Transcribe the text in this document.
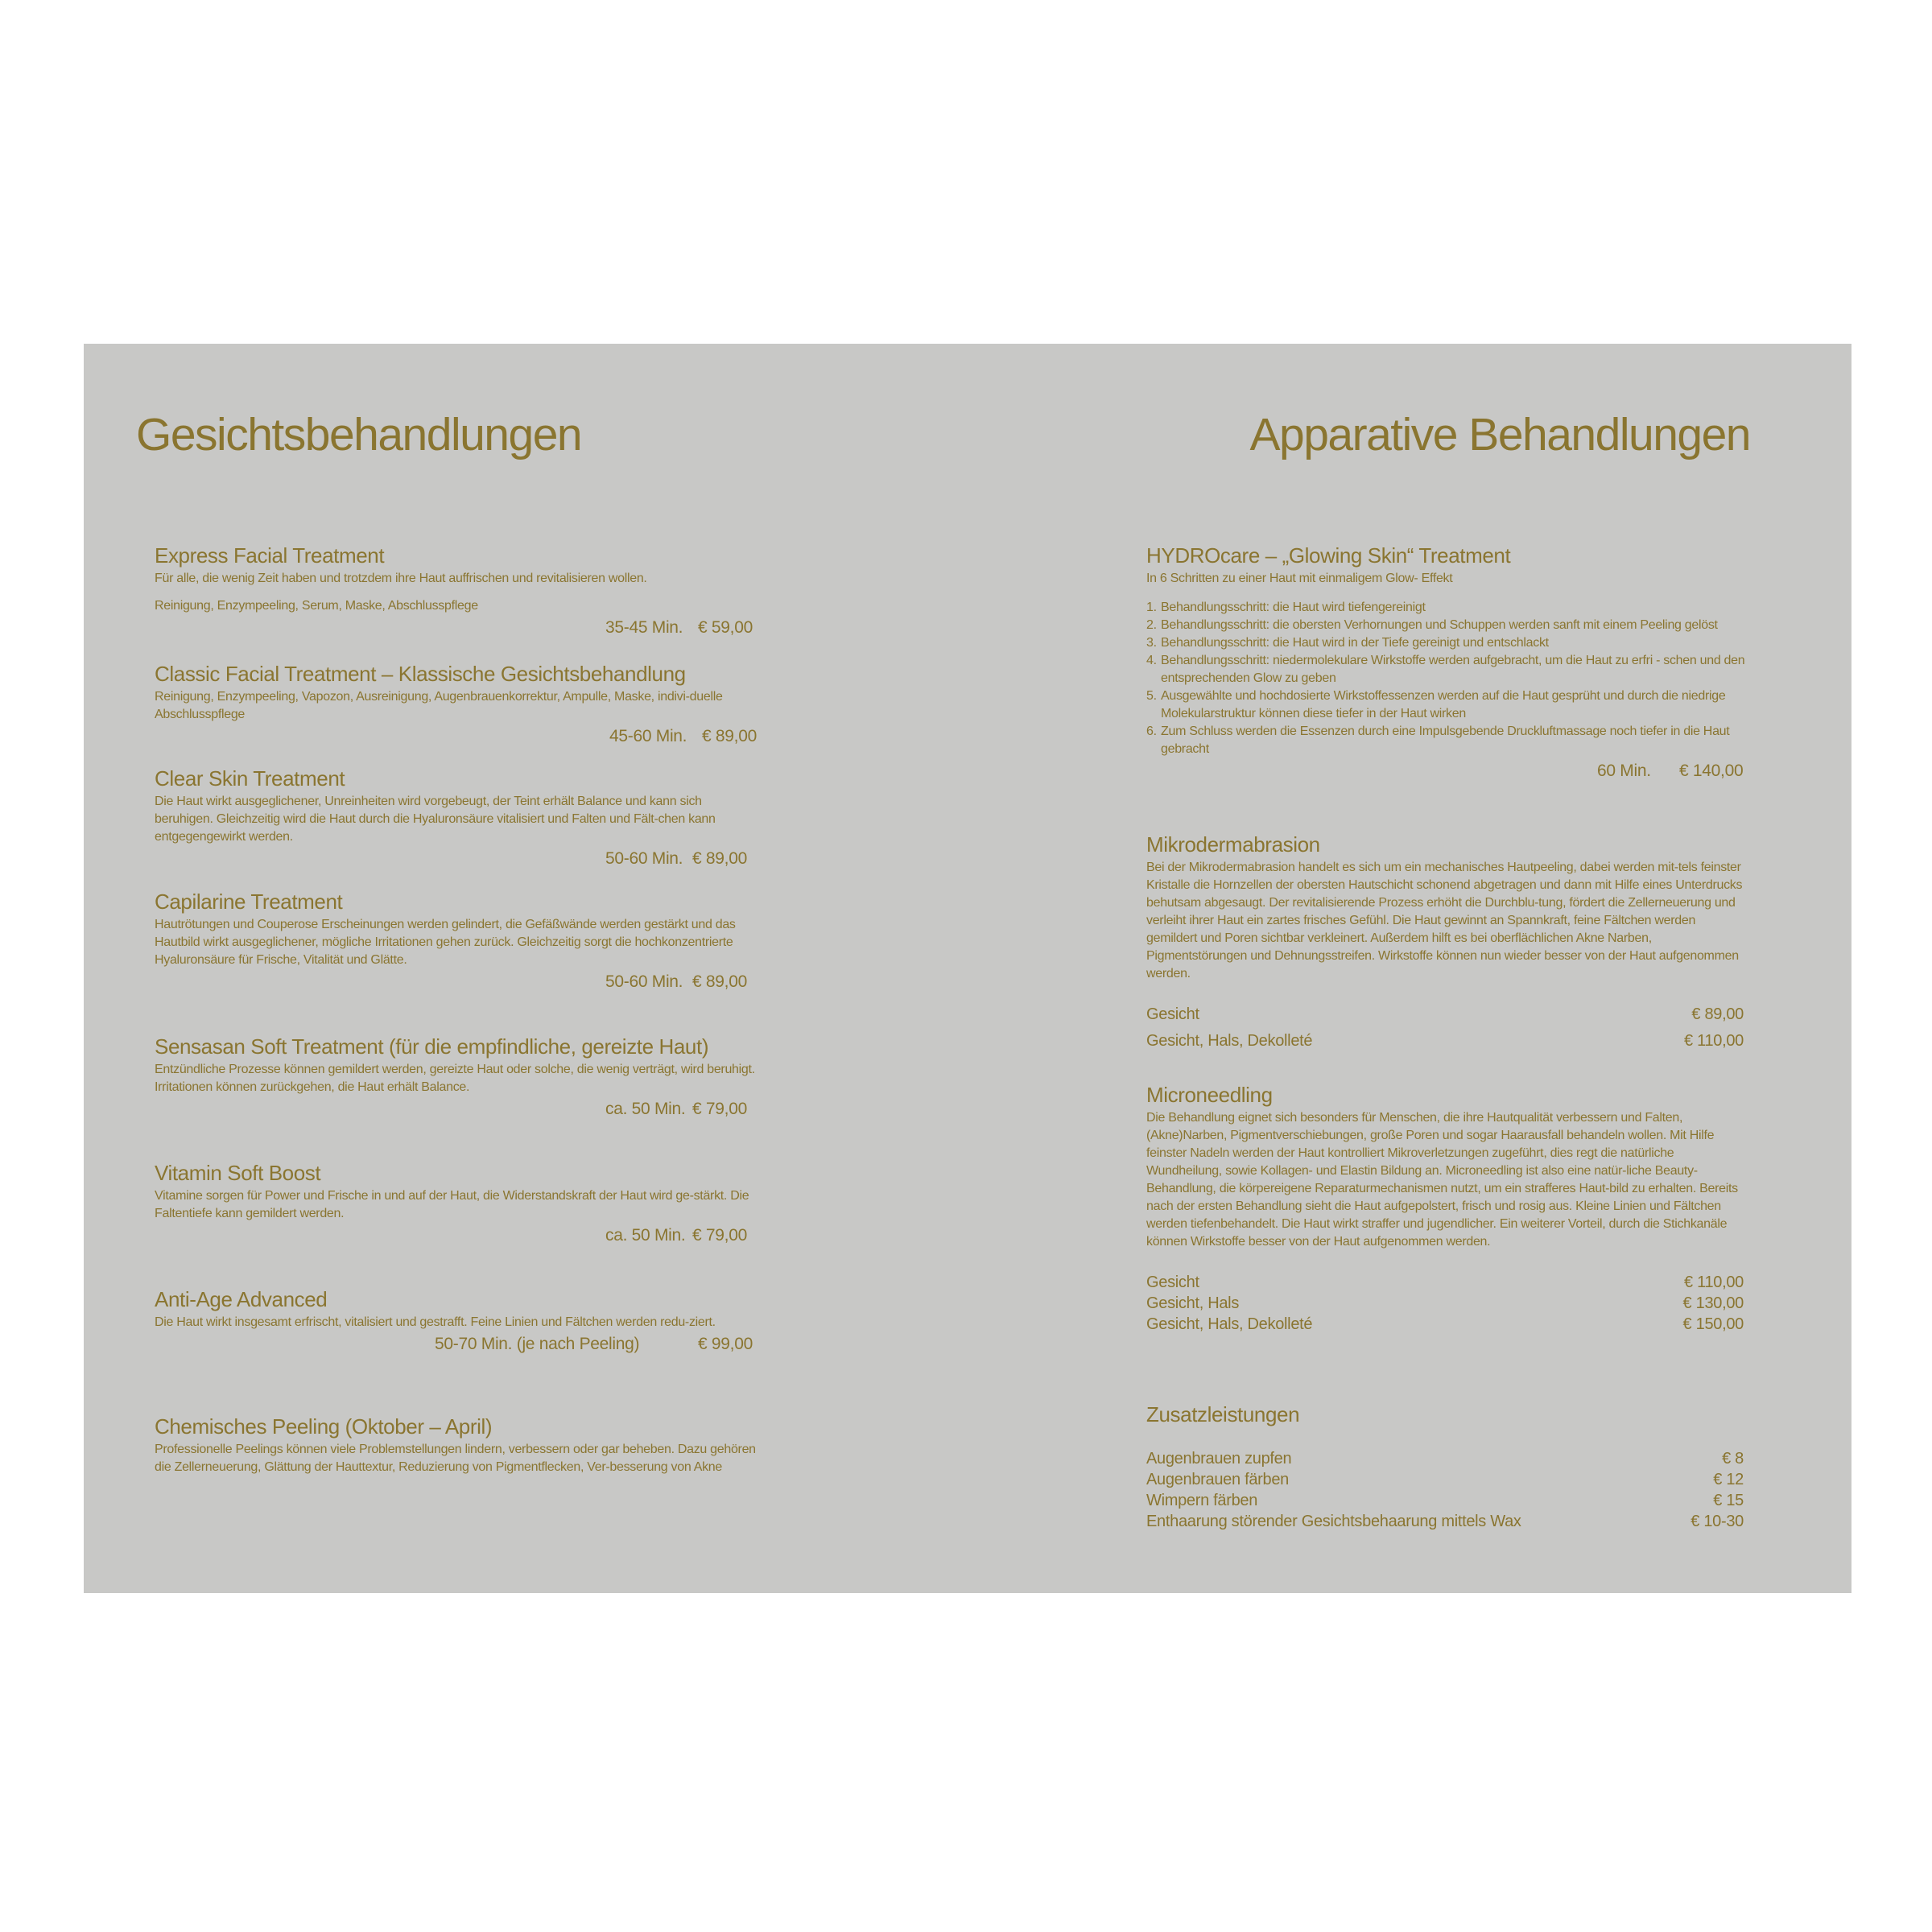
Gesichtsbehandlungen
Express Facial Treatment
Für alle, die wenig Zeit haben und trotzdem ihre Haut auffrischen und revitalisieren wollen.
Reinigung, Enzympeeling, Serum, Maske, Abschlusspflege
35-45 Min. € 59,00
Classic Facial Treatment – Klassische Gesichtsbehandlung
Reinigung, Enzympeeling, Vapozon, Ausreinigung, Augenbrauenkorrektur, Ampulle, Maske, indivi-duelle Abschlusspflege
45-60 Min. € 89,00
Clear Skin Treatment
Die Haut wirkt ausgeglichener, Unreinheiten wird vorgebeugt, der Teint erhält Balance und kann sich beruhigen. Gleichzeitig wird die Haut durch die Hyaluronsäure vitalisiert und Falten und Fält-chen kann entgegengewirkt werden.
50-60 Min. € 89,00
Capilarine Treatment
Hautrötungen und Couperose Erscheinungen werden gelindert, die Gefäßwände werden gestärkt und das Hautbild wirkt ausgeglichener, mögliche Irritationen gehen zurück. Gleichzeitig sorgt die hochkonzentrierte Hyaluronsäure für Frische, Vitalität und Glätte.
50-60 Min. € 89,00
Sensasan Soft Treatment (für die empfindliche, gereizte Haut)
Entzündliche Prozesse können gemildert werden, gereizte Haut oder solche, die wenig verträgt, wird beruhigt. Irritationen können zurückgehen, die Haut erhält Balance.
ca. 50 Min. € 79,00
Vitamin Soft Boost
Vitamine sorgen für Power und Frische in und auf der Haut, die Widerstandskraft der Haut wird ge-stärkt. Die Faltentiefe kann gemildert werden.
ca. 50 Min. € 79,00
Anti-Age Advanced
Die Haut wirkt insgesamt erfrischt, vitalisiert und gestrafft. Feine Linien und Fältchen werden redu-ziert.
50-70 Min. (je nach Peeling)	€ 99,00
Chemisches Peeling (Oktober – April)
Professionelle Peelings können viele Problemstellungen lindern, verbessern oder gar beheben. Dazu gehören die Zellerneuerung, Glättung der Hauttextur, Reduzierung von Pigmentflecken, Ver-besserung von Akne
Apparative Behandlungen
HYDROcare – „Glowing Skin“ Treatment
In 6 Schritten zu einer Haut mit einmaligem Glow- Effekt
1. Behandlungsschritt: die Haut wird tiefengereinigt
2. Behandlungsschritt: die obersten Verhornungen und Schuppen werden sanft mit einem Peeling gelöst
3. Behandlungsschritt: die Haut wird in der Tiefe gereinigt und entschlackt
4. Behandlungsschritt: niedermolekulare Wirkstoffe werden aufgebracht, um die Haut zu erfri - schen und den entsprechenden Glow zu geben
5. Ausgewählte und hochdosierte Wirkstoffessenzen werden auf die Haut gesprüht und durch die niedrige Molekularstruktur können diese tiefer in der Haut wirken
6. Zum Schluss werden die Essenzen durch eine Impulsgebende Druckluftmassage noch tiefer in die Haut gebracht
60 Min. € 140,00
Mikrodermabrasion
Bei der Mikrodermabrasion handelt es sich um ein mechanisches Hautpeeling, dabei werden mit-tels feinster Kristalle die Hornzellen der obersten Hautschicht schonend abgetragen und dann mit Hilfe eines Unterdrucks behutsam abgesaugt. Der revitalisierende Prozess erhöht die Durchblu-tung, fördert die Zellerneuerung und verleiht ihrer Haut ein zartes frisches Gefühl. Die Haut gewinnt an Spannkraft, feine Fältchen werden gemildert und Poren sichtbar verkleinert. Außerdem hilft es bei oberflächlichen Akne Narben, Pigmentstörungen und Dehnungsstreifen. Wirkstoffe können nun wieder besser von der Haut aufgenommen werden.
Gesicht	€ 89,00
Gesicht, Hals, Dekolleté	€ 110,00
Microneedling
Die Behandlung eignet sich besonders für Menschen, die ihre Hautqualität verbessern und Falten, (Akne)Narben, Pigmentverschiebungen, große Poren und sogar Haarausfall behandeln wollen. Mit Hilfe feinster Nadeln werden der Haut kontrolliert Mikroverletzungen zugeführt, dies regt die natürliche Wundheilung, sowie Kollagen- und Elastin Bildung an. Microneedling ist also eine natür-liche Beauty-Behandlung, die körpereigene Reparaturmechanismen nutzt, um ein strafferes Haut-bild zu erhalten. Bereits nach der ersten Behandlung sieht die Haut aufgepolstert, frisch und rosig aus. Kleine Linien und Fältchen werden tiefenbehandelt. Die Haut wirkt straffer und jugendlicher. Ein weiterer Vorteil, durch die Stichkanäle können Wirkstoffe besser von der Haut aufgenommen werden.
Gesicht	€ 110,00
Gesicht, Hals	€ 130,00
Gesicht, Hals, Dekolleté	€ 150,00
Zusatzleistungen
Augenbrauen zupfen	€ 8
Augenbrauen färben	€ 12
Wimpern färben	€ 15
Enthaarung störender Gesichtsbehaarung mittels Wax	€ 10-30
